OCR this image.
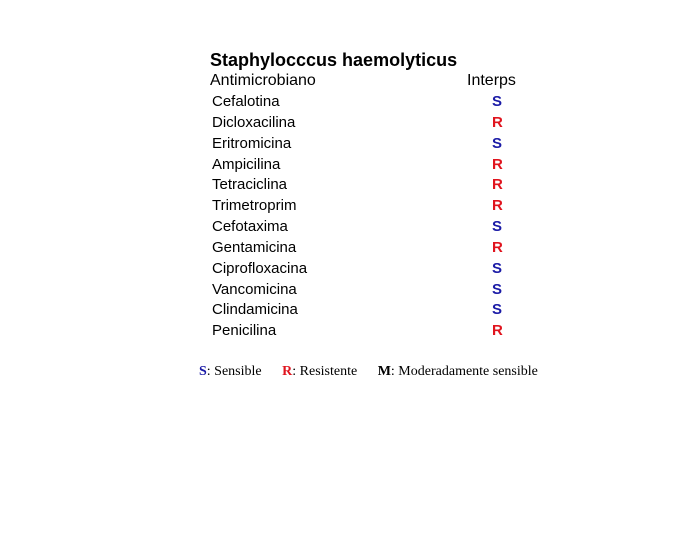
Staphylocccus haemolyticus
Antimicrobiano	Interps
Cefalotina	S
Dicloxacilina	R
Eritromicina	S
Ampicilina	R
Tetraciclina	R
Trimetroprim	R
Cefotaxima	S
Gentamicina	R
Ciprofloxacina	S
Vancomicina	S
Clindamicina	S
Penicilina	R
S: Sensible R: Resistente M: Moderadamente sensible
